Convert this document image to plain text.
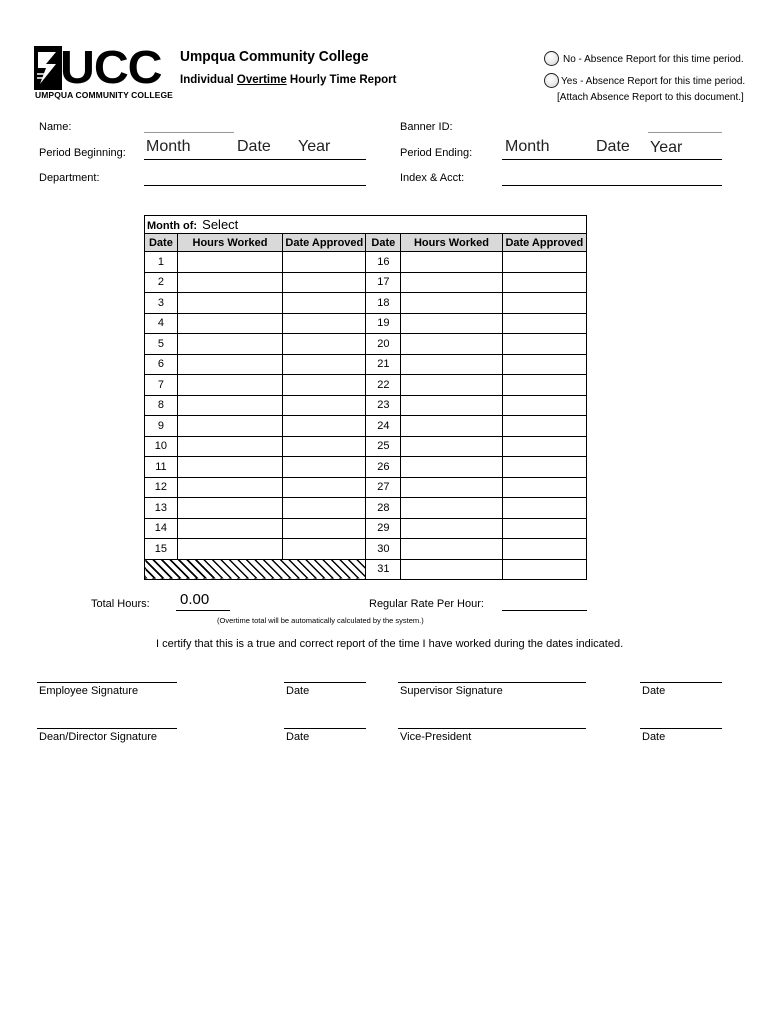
UCC
UMPQUA COMMUNITY COLLEGE
Umpqua Community College
Individual Overtime Hourly Time Report
No - Absence Report for this time period.
Yes - Absence Report for this time period.
[Attach Absence Report to this document.]
Name:	Banner ID:
Period Beginning: Month	Date Year	Period Ending: Month	Date Year
Department:	Index & Acct:
Month of: Select					
Date	Hours Worked	Date Approved	Date	Hours Worked	Date Approved
1			16		
2			17		
3			18		
4			19		
5			20		
6			21		
7			22		
8			23		
9			24		
10			25		
11			26		
12			27		
13			28		
14			29		
15			30		
			31		
Total Hours: 0.00	Regular Rate Per Hour:
(Overtime total will be automatically calculated by the system.)
I certify that this is a true and correct report of the time I have worked during the dates indicated.
Employee Signature	Date	Supervisor Signature	Date
Dean/Director Signature	Date	Vice-President	Date
